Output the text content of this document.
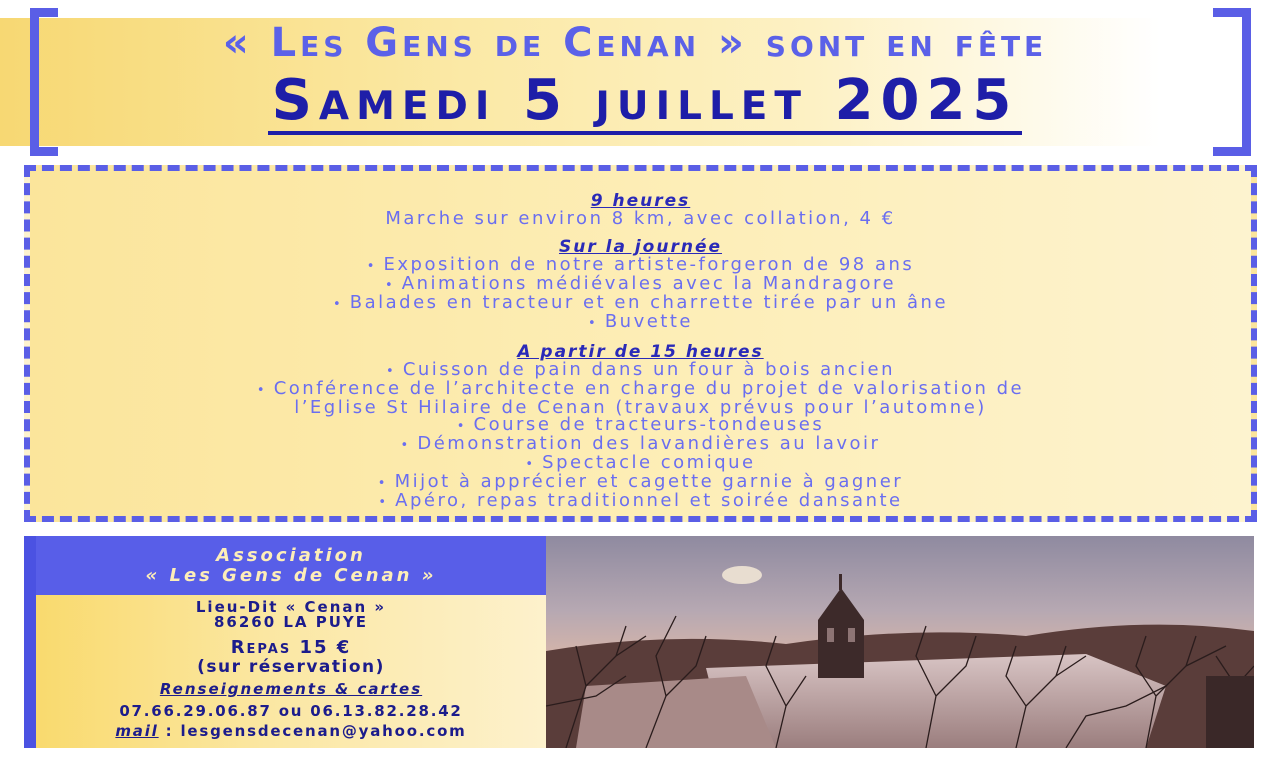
« Les Gens de Cenan » sont en fête
Samedi 5 juillet 2025
9 heures
Marche sur environ 8 km, avec collation, 4 €
Sur la journée
• Exposition de notre artiste-forgeron de 98 ans
• Animations médiévales avec la Mandragore
• Balades en tracteur et en charrette tirée par un âne
• Buvette
A partir de 15 heures
• Cuisson de pain dans un four à bois ancien
• Conférence de l’architecte en charge du projet de valorisation de
l’Eglise St Hilaire de Cenan (travaux prévus pour l’automne)
• Course de tracteurs-tondeuses
• Démonstration des lavandières au lavoir
• Spectacle comique
• Mijot à apprécier et cagette garnie à gagner
• Apéro, repas traditionnel et soirée dansante
Association
« Les Gens de Cenan »
Lieu-Dit « Cenan »
86260 LA PUYE
Repas 15 €
(sur réservation)
Renseignements & cartes
07.66.29.06.87 ou 06.13.82.28.42
mail : lesgensdecenan@yahoo.com
